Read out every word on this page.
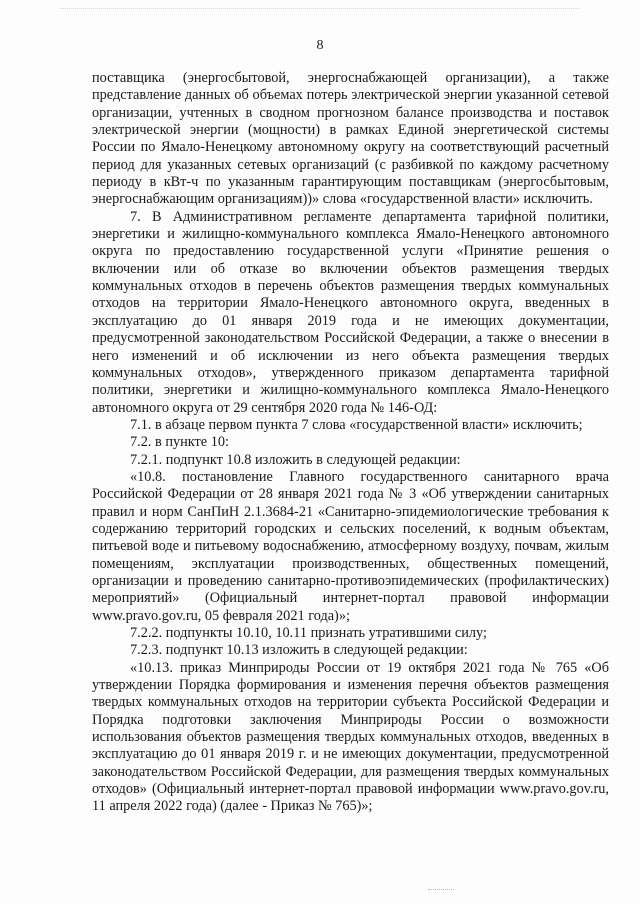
8

поставщика (энергосбытовой, энергоснабжающей организации), а также представление данных об объемах потерь электрической энергии указанной сетевой организации, учтенных в сводном прогнозном балансе производства и поставок электрической энергии (мощности) в рамках Единой энергетической системы России по Ямало-Ненецкому автономному округу на соответствующий расчетный период для указанных сетевых организаций (с разбивкой по каждому расчетному периоду в кВт-ч по указанным гарантирующим поставщикам (энергосбытовым, энергоснабжающим организациям))» слова «государственной власти» исключить.

7. В Административном регламенте департамента тарифной политики, энергетики и жилищно-коммунального комплекса Ямало-Ненецкого автономного округа по предоставлению государственной услуги «Принятие решения о включении или об отказе во включении объектов размещения твердых коммунальных отходов в перечень объектов размещения твердых коммунальных отходов на территории Ямало-Ненецкого автономного округа, введенных в эксплуатацию до 01 января 2019 года и не имеющих документации, предусмотренной законодательством Российской Федерации, а также о внесении в него изменений и об исключении из него объекта размещения твердых коммунальных отходов», утвержденного приказом департамента тарифной политики, энергетики и жилищно-коммунального комплекса Ямало-Ненецкого автономного округа от 29 сентября 2020 года № 146-ОД:

7.1. в абзаце первом пункта 7 слова «государственной власти» исключить;

7.2. в пункте 10:

7.2.1. подпункт 10.8 изложить в следующей редакции:

«10.8. постановление Главного государственного санитарного врача Российской Федерации от 28 января 2021 года № 3 «Об утверждении санитарных правил и норм СанПиН 2.1.3684-21 «Санитарно-эпидемиологические требования к содержанию территорий городских и сельских поселений, к водным объектам, питьевой воде и питьевому водоснабжению, атмосферному воздуху, почвам, жилым помещениям, эксплуатации производственных, общественных помещений, организации и проведению санитарно-противоэпидемических (профилактических) мероприятий» (Официальный интернет-портал правовой информации www.pravo.gov.ru, 05 февраля 2021 года)»;

7.2.2. подпункты 10.10, 10.11 признать утратившими силу;

7.2.3. подпункт 10.13 изложить в следующей редакции:

«10.13. приказ Минприроды России от 19 октября 2021 года № 765 «Об утверждении Порядка формирования и изменения перечня объектов размещения твердых коммунальных отходов на территории субъекта Российской Федерации и Порядка подготовки заключения Минприроды России о возможности использования объектов размещения твердых коммунальных отходов, введенных в эксплуатацию до 01 января 2019 г. и не имеющих документации, предусмотренной законодательством Российской Федерации, для размещения твердых коммунальных отходов» (Официальный интернет-портал правовой информации www.pravo.gov.ru, 11 апреля 2022 года) (далее - Приказ № 765)»;
